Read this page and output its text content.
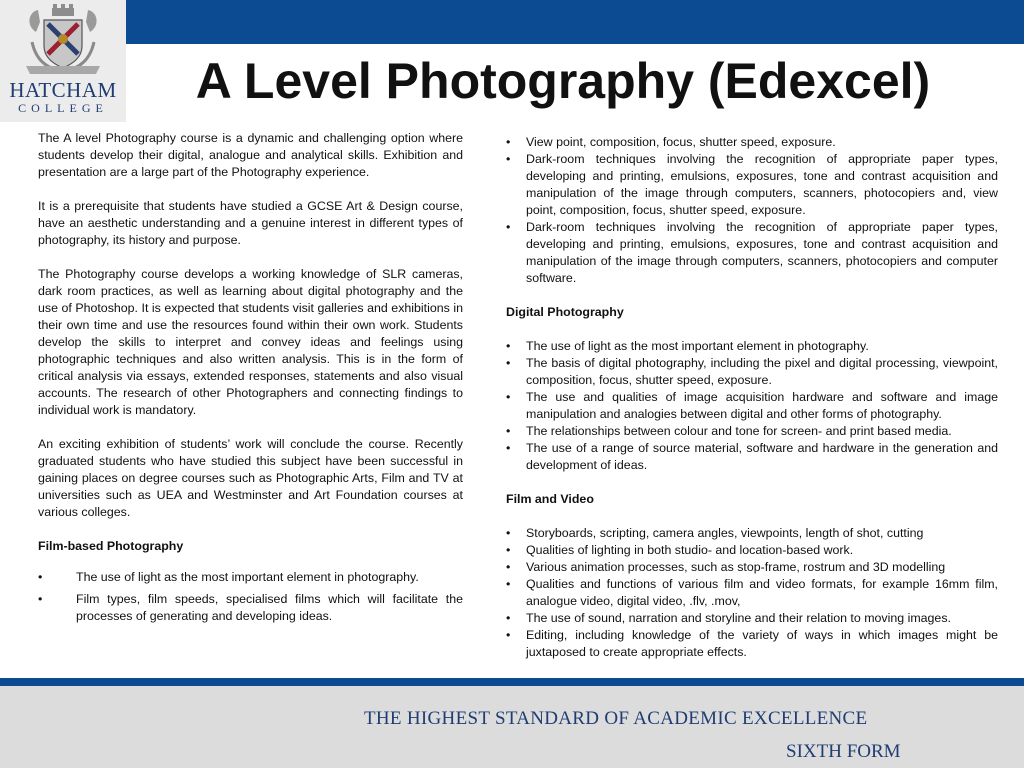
HATCHAM
COLLEGE	A Level Photography (Edexcel)

The A level Photography course is a dynamic and challenging option where students develop their digital, analogue and analytical skills. Exhibition and presentation are a large part of the Photography experience.

It is a prerequisite that students have studied a GCSE Art & Design course, have an aesthetic understanding and a genuine interest in different types of photography, its history and purpose.

The Photography course develops a working knowledge of SLR cameras, dark room practices, as well as learning about digital photography and the use of Photoshop. It is expected that students visit galleries and exhibitions in their own time and use the resources found within their own work. Students develop the skills to interpret and convey ideas and feelings using photographic techniques and also written analysis. This is in the form of critical analysis via essays, extended responses, statements and also visual accounts. The research of other Photographers and connecting findings to individual work is mandatory.

An exciting exhibition of students’ work will conclude the course. Recently graduated students who have studied this subject have been successful in gaining places on degree courses such as Photographic Arts, Film and TV at universities such as UEA and Westminster and Art Foundation courses at various colleges.

Film-based Photography
•	The use of light as the most important element in photography.
•	Film types, film speeds, specialised films which will facilitate the processes of generating and developing ideas.
• View point, composition, focus, shutter speed, exposure.
• Dark-room techniques involving the recognition of appropriate paper types, developing and printing, emulsions, exposures, tone and contrast acquisition and manipulation of the image through computers, scanners, photocopiers and, view point, composition, focus, shutter speed, exposure.
• Dark-room techniques involving the recognition of appropriate paper types, developing and printing, emulsions, exposures, tone and contrast acquisition and manipulation of the image through computers, scanners, photocopiers and computer software.
Digital Photography
• The use of light as the most important element in photography.
• The basis of digital photography, including the pixel and digital processing, viewpoint, composition, focus, shutter speed, exposure.
• The use and qualities of image acquisition hardware and software and image manipulation and analogies between digital and other forms of photography.
• The relationships between colour and tone for screen- and print based media.
• The use of a range of source material, software and hardware in the generation and development of ideas.
Film and Video
• Storyboards, scripting, camera angles, viewpoints, length of shot, cutting
• Qualities of lighting in both studio- and location-based work.
• Various animation processes, such as stop-frame, rostrum and 3D modelling
• Qualities and functions of various film and video formats, for example 16mm film, analogue video, digital video, .flv, .mov,
• The use of sound, narration and storyline and their relation to moving images.
• Editing, including knowledge of the variety of ways in which images might be juxtaposed to create appropriate effects.
THE HIGHEST STANDARD OF ACADEMIC EXCELLENCE
SIXTH FORM
